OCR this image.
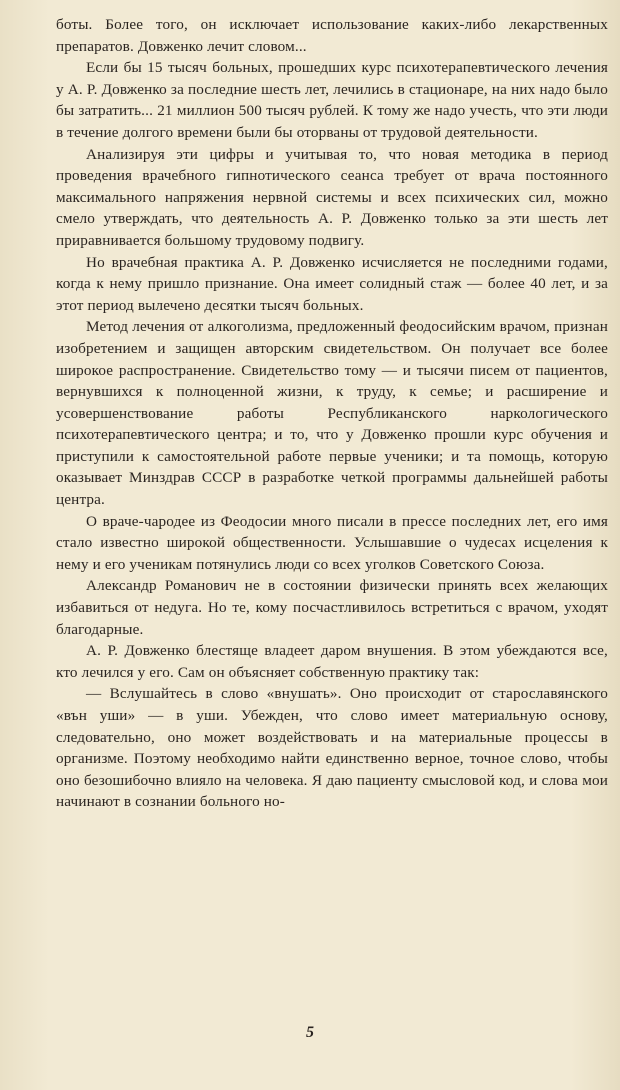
боты. Более того, он исключает использование каких-либо лекарственных препаратов. Довженко лечит словом...

Если бы 15 тысяч больных, прошедших курс психотерапевтического лечения у А. Р. Довженко за последние шесть лет, лечились в стационаре, на них надо было бы затратить... 21 миллион 500 тысяч рублей. К тому же надо учесть, что эти люди в течение долгого времени были бы оторваны от трудовой деятельности.

Анализируя эти цифры и учитывая то, что новая методика в период проведения врачебного гипнотического сеанса требует от врача постоянного максимального напряжения нервной системы и всех психических сил, можно смело утверждать, что деятельность А. Р. Довженко только за эти шесть лет приравнивается большому трудовому подвигу.

Но врачебная практика А. Р. Довженко исчисляется не последними годами, когда к нему пришло признание. Она имеет солидный стаж — более 40 лет, и за этот период вылечено десятки тысяч больных.

Метод лечения от алкоголизма, предложенный феодосийским врачом, признан изобретением и защищен авторским свидетельством. Он получает все более широкое распространение. Свидетельство тому — и тысячи писем от пациентов, вернувшихся к полноценной жизни, к труду, к семье; и расширение и усовершенствование работы Республиканского наркологического психотерапевтического центра; и то, что у Довженко прошли курс обучения и приступили к самостоятельной работе первые ученики; и та помощь, которую оказывает Минздрав СССР в разработке четкой программы дальнейшей работы центра.

О враче-чародее из Феодосии много писали в прессе последних лет, его имя стало известно широкой общественности. Услышавшие о чудесах исцеления к нему и его ученикам потянулись люди со всех уголков Советского Союза.

Александр Романович не в состоянии физически принять всех желающих избавиться от недуга. Но те, кому посчастливилось встретиться с врачом, уходят благодарные.

А. Р. Довженко блестяще владеет даром внушения. В этом убеждаются все, кто лечился у его. Сам он объясняет собственную практику так:

— Вслушайтесь в слово «внушать». Оно происходит от старославянского «вън уши» — в уши. Убежден, что слово имеет материальную основу, следовательно, оно может воздействовать и на материальные процессы в организме. Поэтому необходимо найти единственно верное, точное слово, чтобы оно безошибочно влияло на человека. Я даю пациенту смысловой код, и слова мои начинают в сознании больного но-

5
